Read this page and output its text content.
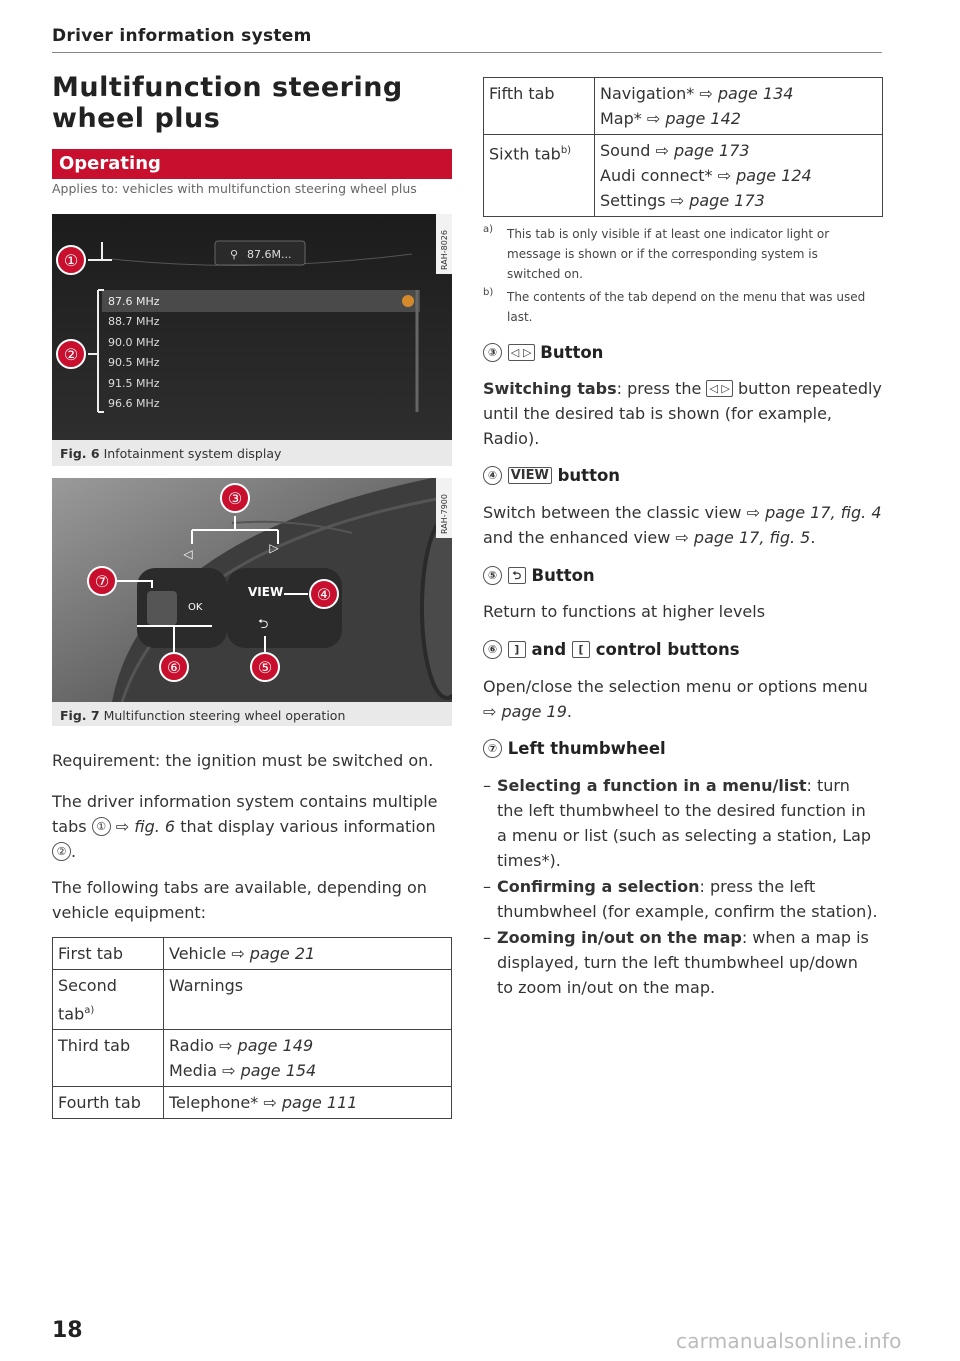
Driver information system
Multifunction steering wheel plus
Operating
Applies to: vehicles with multifunction steering wheel plus
87.6M...
⚲
87.6 MHz
88.7 MHz
90.0 MHz
90.5 MHz
91.5 MHz
96.6 MHz
①
②
RAH-8026
Fig. 6 Infotainment system display
◁	▷
VIEW
OK
⮌
③
④
⑤
⑥
⑦
RAH-7900
Fig. 7 Multifunction steering wheel operation
Requirement: the ignition must be switched on.
The driver information system contains multiple tabs ① ⇨ fig. 6 that display various information ② .
The following tabs are available, depending on vehicle equipment:
First tab	Vehicle ⇨ page 21

Second tab$^{a)}$	Warnings

Third tab	Radio ⇨ page 149
Media ⇨ page 154

Fourth tab	Telephone* ⇨ page 111
Fifth tab	Navigation* ⇨ page 134
Map* ⇨ page 142

Sixth tab$^{b)}$	Sound ⇨ page 173
Audi connect* ⇨ page 124
Settings ⇨ page 173
a)	This tab is only visible if at least one indicator light or message is shown or if the corresponding system is switched on.
b)	The contents of the tab depend on the menu that was used last.
③ ◁ ▷ Button
Switching tabs: press the ◁ ▷ button repeatedly until the desired tab is shown (for example, Radio).
④ VIEW button
Switch between the classic view ⇨ page 17, fig. 4 and the enhanced view ⇨ page 17, fig. 5.
⑤ ⮌ Button
Return to functions at higher levels
⑥ ] and [ control buttons
Open/close the selection menu or options menu ⇨ page 19.
⑦ Left thumbwheel
– Selecting a function in a menu/list: turn the left thumbwheel to the desired function in a menu or list (such as selecting a station, Lap times*).
– Confirming a selection: press the left thumbwheel (for example, confirm the station).
– Zooming in/out on the map: when a map is displayed, turn the left thumbwheel up/down to zoom in/out on the map.
18	carmanualsonline.info
